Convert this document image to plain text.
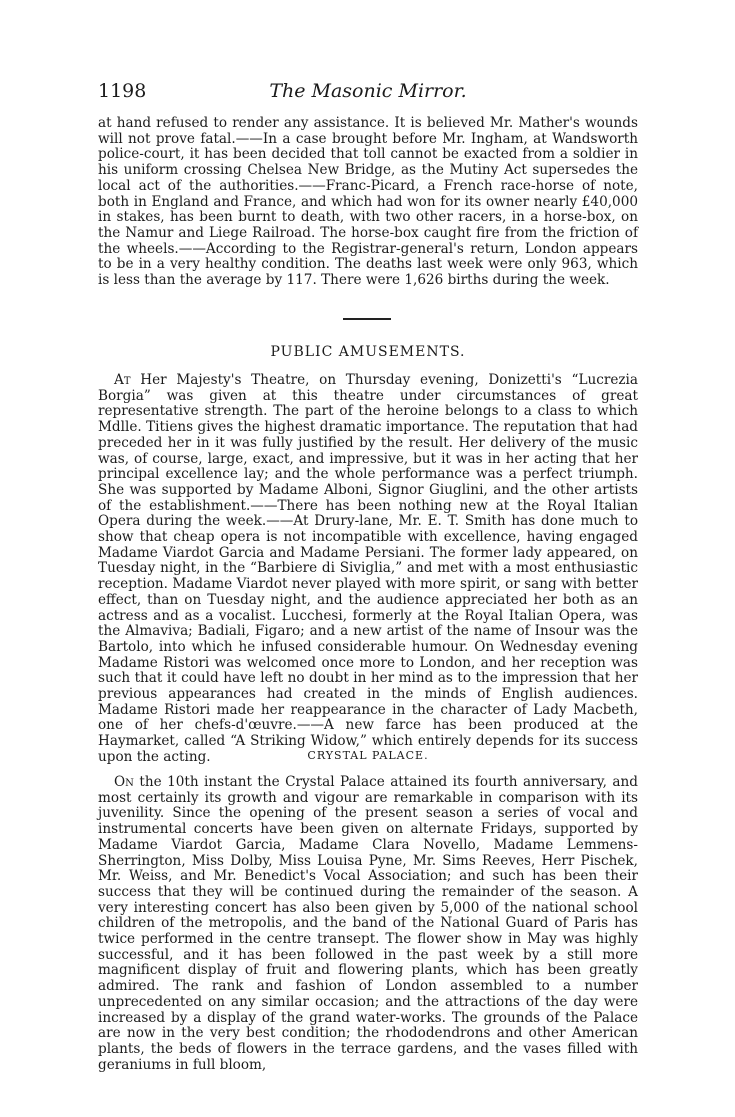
1198	The Masonic Mirror.

at hand refused to render any assistance. It is believed Mr. Mather's wounds will not prove fatal.——In a case brought before Mr. Ingham, at Wandsworth police-court, it has been decided that toll cannot be exacted from a soldier in his uniform crossing Chelsea New Bridge, as the Mutiny Act supersedes the local act of the authorities.——Franc-Picard, a French race-horse of note, both in England and France, and which had won for its owner nearly £40,000 in stakes, has been burnt to death, with two other racers, in a horse-box, on the Namur and Liege Railroad. The horse-box caught fire from the friction of the wheels.——According to the Registrar-general's return, London appears to be in a very healthy condition. The deaths last week were only 963, which is less than the average by 117. There were 1,626 births during the week.

PUBLIC AMUSEMENTS.

At Her Majesty's Theatre, on Thursday evening, Donizetti's “Lucrezia Borgia” was given at this theatre under circumstances of great representative strength. The part of the heroine belongs to a class to which Mdlle. Titiens gives the highest dramatic importance. The reputation that had preceded her in it was fully justified by the result. Her delivery of the music was, of course, large, exact, and impressive, but it was in her acting that her principal excellence lay; and the whole performance was a perfect triumph. She was supported by Madame Alboni, Signor Giuglini, and the other artists of the establishment.——There has been nothing new at the Royal Italian Opera during the week.——At Drury-lane, Mr. E. T. Smith has done much to show that cheap opera is not incompatible with excellence, having engaged Madame Viardot Garcia and Madame Persiani. The former lady appeared, on Tuesday night, in the “Barbiere di Siviglia,” and met with a most enthusiastic reception. Madame Viardot never played with more spirit, or sang with better effect, than on Tuesday night, and the audience appreciated her both as an actress and as a vocalist. Lucchesi, formerly at the Royal Italian Opera, was the Almaviva; Badiali, Figaro; and a new artist of the name of Insour was the Bartolo, into which he infused considerable humour. On Wednesday evening Madame Ristori was welcomed once more to London, and her reception was such that it could have left no doubt in her mind as to the impression that her previous appearances had created in the minds of English audiences. Madame Ristori made her reappearance in the character of Lady Macbeth, one of her chefs-d'œuvre.——A new farce has been produced at the Haymarket, called “A Striking Widow,” which entirely depends for its success upon the acting.	CRYSTAL PALACE.

On the 10th instant the Crystal Palace attained its fourth anniversary, and most certainly its growth and vigour are remarkable in comparison with its juvenility. Since the opening of the present season a series of vocal and instrumental concerts have been given on alternate Fridays, supported by Madame Viardot Garcia, Madame Clara Novello, Madame Lemmens-Sherrington, Miss Dolby, Miss Louisa Pyne, Mr. Sims Reeves, Herr Pischek, Mr. Weiss, and Mr. Benedict's Vocal Association; and such has been their success that they will be continued during the remainder of the season. A very interesting concert has also been given by 5,000 of the national school children of the metropolis, and the band of the National Guard of Paris has twice performed in the centre transept. The flower show in May was highly successful, and it has been followed in the past week by a still more magnificent display of fruit and flowering plants, which has been greatly admired. The rank and fashion of London assembled to a number unprecedented on any similar occasion; and the attractions of the day were increased by a display of the grand water-works. The grounds of the Palace are now in the very best condition; the rhododendrons and other American plants, the beds of flowers in the terrace gardens, and the vases filled with geraniums in full bloom,
